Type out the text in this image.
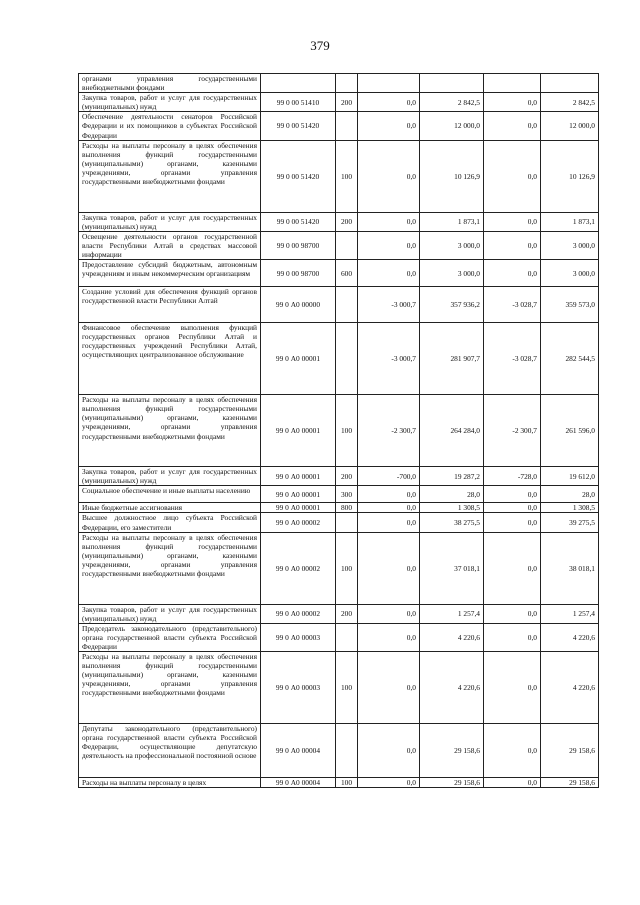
379
органами управления государственными внебюджетными фондами						
Закупка товаров, работ и услуг для государственных (муниципальных) нужд	99 0 00 51410	200	0,0	2 842,5	0,0	2 842,5
Обеспечение деятельности сенаторов Российской Федерации и их помощников в субъектах Российской Федерации	99 0 00 51420		0,0	12 000,0	0,0	12 000,0
Расходы на выплаты персоналу в целях обеспечения выполнения функций государственными (муниципальными) органами, казенными учреждениями, органами управления государственными внебюджетными фондами	99 0 00 51420	100	0,0	10 126,9	0,0	10 126,9
Закупка товаров, работ и услуг для государственных (муниципальных) нужд	99 0 00 51420	200	0,0	1 873,1	0,0	1 873,1
Освещение деятельности органов государственной власти Республики Алтай в средствах массовой информации	99 0 00 98700		0,0	3 000,0	0,0	3 000,0
Предоставление субсидий бюджетным, автономным учреждениям и иным некоммерческим организациям	99 0 00 98700	600	0,0	3 000,0	0,0	3 000,0
Создание условий для обеспечения функций органов государственной власти Республики Алтай	99 0 А0 00000		-3 000,7	357 936,2	-3 028,7	359 573,0
Финансовое обеспечение выполнения функций государственных органов Республики Алтай и государственных учреждений Республики Алтай, осуществляющих централизованное обслуживание	99 0 А0 00001		-3 000,7	281 907,7	-3 028,7	282 544,5
Расходы на выплаты персоналу в целях обеспечения выполнения функций государственными (муниципальными) органами, казенными учреждениями, органами управления государственными внебюджетными фондами	99 0 А0 00001	100	-2 300,7	264 284,0	-2 300,7	261 596,0
Закупка товаров, работ и услуг для государственных (муниципальных) нужд	99 0 А0 00001	200	-700,0	19 287,2	-728,0	19 612,0
Социальное обеспечение и иные выплаты населению	99 0 А0 00001	300	0,0	28,0	0,0	28,0
Иные бюджетные ассигнования	99 0 А0 00001	800	0,0	1 308,5	0,0	1 308,5
Высшее должностное лицо субъекта Российской Федерации, его заместители	99 0 А0 00002		0,0	38 275,5	0,0	39 275,5
Расходы на выплаты персоналу в целях обеспечения выполнения функций государственными (муниципальными) органами, казенными учреждениями, органами управления государственными внебюджетными фондами	99 0 А0 00002	100	0,0	37 018,1	0,0	38 018,1
Закупка товаров, работ и услуг для государственных (муниципальных) нужд	99 0 А0 00002	200	0,0	1 257,4	0,0	1 257,4
Председатель законодательного (представительного) органа государственной власти субъекта Российской Федерации	99 0 А0 00003		0,0	4 220,6	0,0	4 220,6
Расходы на выплаты персоналу в целях обеспечения выполнения функций государственными (муниципальными) органами, казенными учреждениями, органами управления государственными внебюджетными фондами	99 0 А0 00003	100	0,0	4 220,6	0,0	4 220,6
Депутаты законодательного (представительного) органа государственной власти субъекта Российской Федерации, осуществляющие депутатскую деятельность на профессиональной постоянной основе	99 0 А0 00004		0,0	29 158,6	0,0	29 158,6
Расходы на выплаты персоналу в целях	99 0 А0 00004	100	0,0	29 158,6	0,0	29 158,6
